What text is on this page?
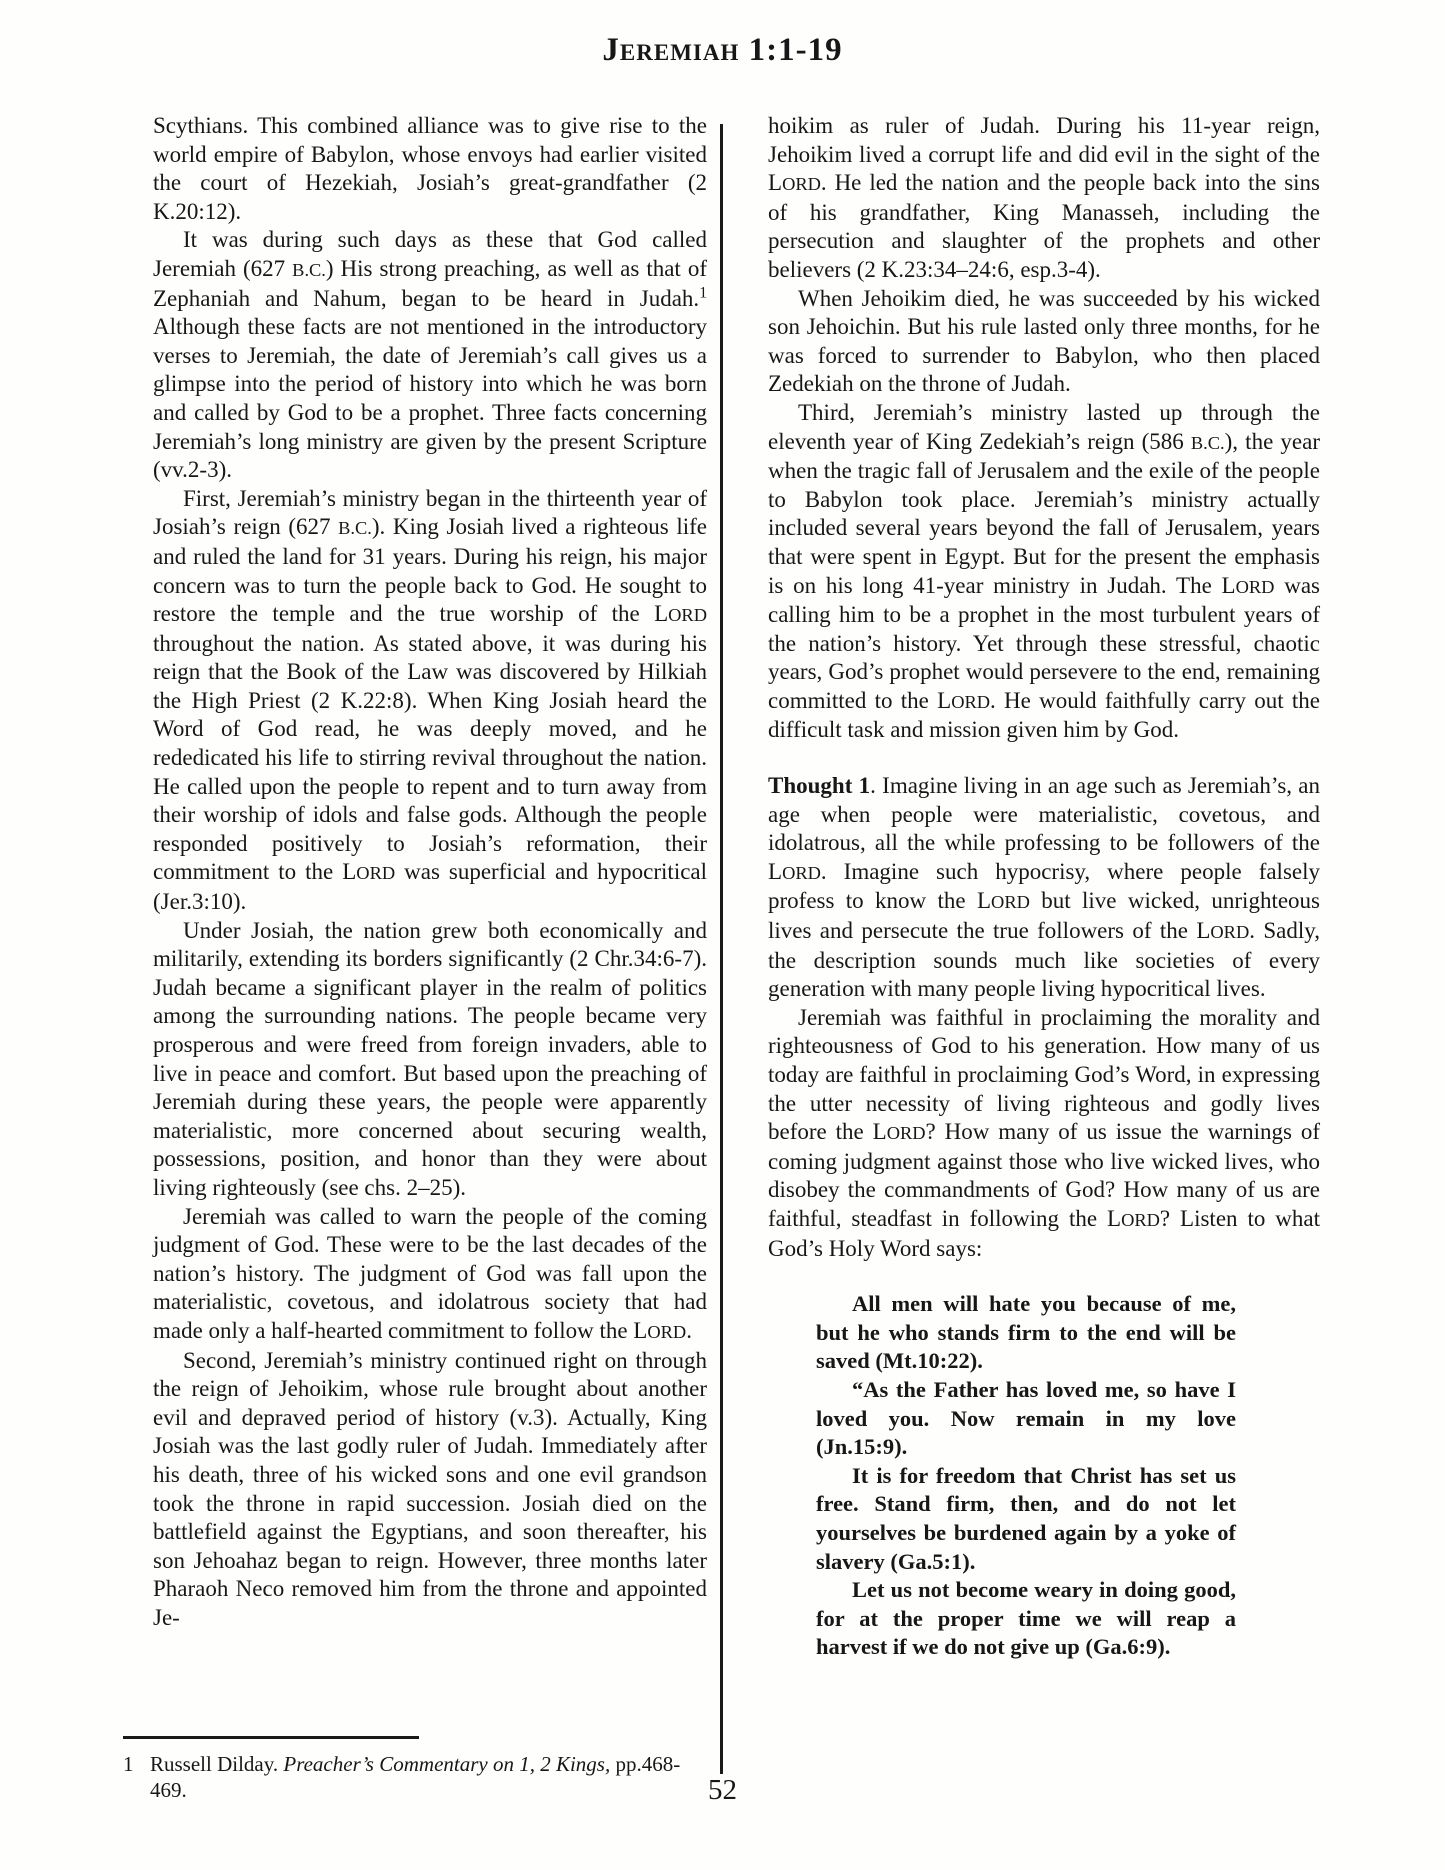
Jeremiah 1:1-19

Scythians. This combined alliance was to give rise to the world empire of Babylon, whose envoys had earlier visited the court of Hezekiah, Josiah’s great-grandfather (2 K.20:12).

It was during such days as these that God called Jeremiah (627 B.C.) His strong preaching, as well as that of Zephaniah and Nahum, began to be heard in Judah.$^1$ Although these facts are not mentioned in the introductory verses to Jeremiah, the date of Jeremiah’s call gives us a glimpse into the period of history into which he was born and called by God to be a prophet. Three facts concerning Jeremiah’s long ministry are given by the present Scripture (vv.2-3).

First, Jeremiah’s ministry began in the thirteenth year of Josiah’s reign (627 B.C.). King Josiah lived a righteous life and ruled the land for 31 years. During his reign, his major concern was to turn the people back to God. He sought to restore the temple and the true worship of the LORD throughout the nation. As stated above, it was during his reign that the Book of the Law was discovered by Hilkiah the High Priest (2 K.22:8). When King Josiah heard the Word of God read, he was deeply moved, and he rededicated his life to stirring revival throughout the nation. He called upon the people to repent and to turn away from their worship of idols and false gods. Although the people responded positively to Josiah’s reformation, their commitment to the LORD was superficial and hypocritical (Jer.3:10).

Under Josiah, the nation grew both economically and militarily, extending its borders significantly (2 Chr.34:6-7). Judah became a significant player in the realm of politics among the surrounding nations. The people became very prosperous and were freed from foreign invaders, able to live in peace and comfort. But based upon the preaching of Jeremiah during these years, the people were apparently materialistic, more concerned about securing wealth, possessions, position, and honor than they were about living righteously (see chs. 2–25).

Jeremiah was called to warn the people of the coming judgment of God. These were to be the last decades of the nation’s history. The judgment of God was fall upon the materialistic, covetous, and idolatrous society that had made only a half-hearted commitment to follow the LORD.

Second, Jeremiah’s ministry continued right on through the reign of Jehoikim, whose rule brought about another evil and depraved period of history (v.3). Actually, King Josiah was the last godly ruler of Judah. Immediately after his death, three of his wicked sons and one evil grandson took the throne in rapid succession. Josiah died on the battlefield against the Egyptians, and soon thereafter, his son Jehoahaz began to reign. However, three months later Pharaoh Neco removed him from the throne and appointed Je-

hoikim as ruler of Judah. During his 11-year reign, Jehoikim lived a corrupt life and did evil in the sight of the LORD. He led the nation and the people back into the sins of his grandfather, King Manasseh, including the persecution and slaughter of the prophets and other believers (2 K.23:34–24:6, esp.3-4).

When Jehoikim died, he was succeeded by his wicked son Jehoichin. But his rule lasted only three months, for he was forced to surrender to Babylon, who then placed Zedekiah on the throne of Judah.

Third, Jeremiah’s ministry lasted up through the eleventh year of King Zedekiah’s reign (586 B.C.), the year when the tragic fall of Jerusalem and the exile of the people to Babylon took place. Jeremiah’s ministry actually included several years beyond the fall of Jerusalem, years that were spent in Egypt. But for the present the emphasis is on his long 41-year ministry in Judah. The LORD was calling him to be a prophet in the most turbulent years of the nation’s history. Yet through these stressful, chaotic years, God’s prophet would persevere to the end, remaining committed to the LORD. He would faithfully carry out the difficult task and mission given him by God.

Thought 1. Imagine living in an age such as Jeremiah’s, an age when people were materialistic, covetous, and idolatrous, all the while professing to be followers of the LORD. Imagine such hypocrisy, where people falsely profess to know the LORD but live wicked, unrighteous lives and persecute the true followers of the LORD. Sadly, the description sounds much like societies of every generation with many people living hypocritical lives.

Jeremiah was faithful in proclaiming the morality and righteousness of God to his generation. How many of us today are faithful in proclaiming God’s Word, in expressing the utter necessity of living righteous and godly lives before the LORD? How many of us issue the warnings of coming judgment against those who live wicked lives, who disobey the commandments of God? How many of us are faithful, steadfast in following the LORD? Listen to what God’s Holy Word says:

All men will hate you because of me, but he who stands firm to the end will be saved (Mt.10:22).

“As the Father has loved me, so have I loved you. Now remain in my love (Jn.15:9).

It is for freedom that Christ has set us free. Stand firm, then, and do not let yourselves be burdened again by a yoke of slavery (Ga.5:1).

Let us not become weary in doing good, for at the proper time we will reap a harvest if we do not give up (Ga.6:9).

1 Russell Dilday. Preacher’s Commentary on 1, 2 Kings, pp.468-469.	52
